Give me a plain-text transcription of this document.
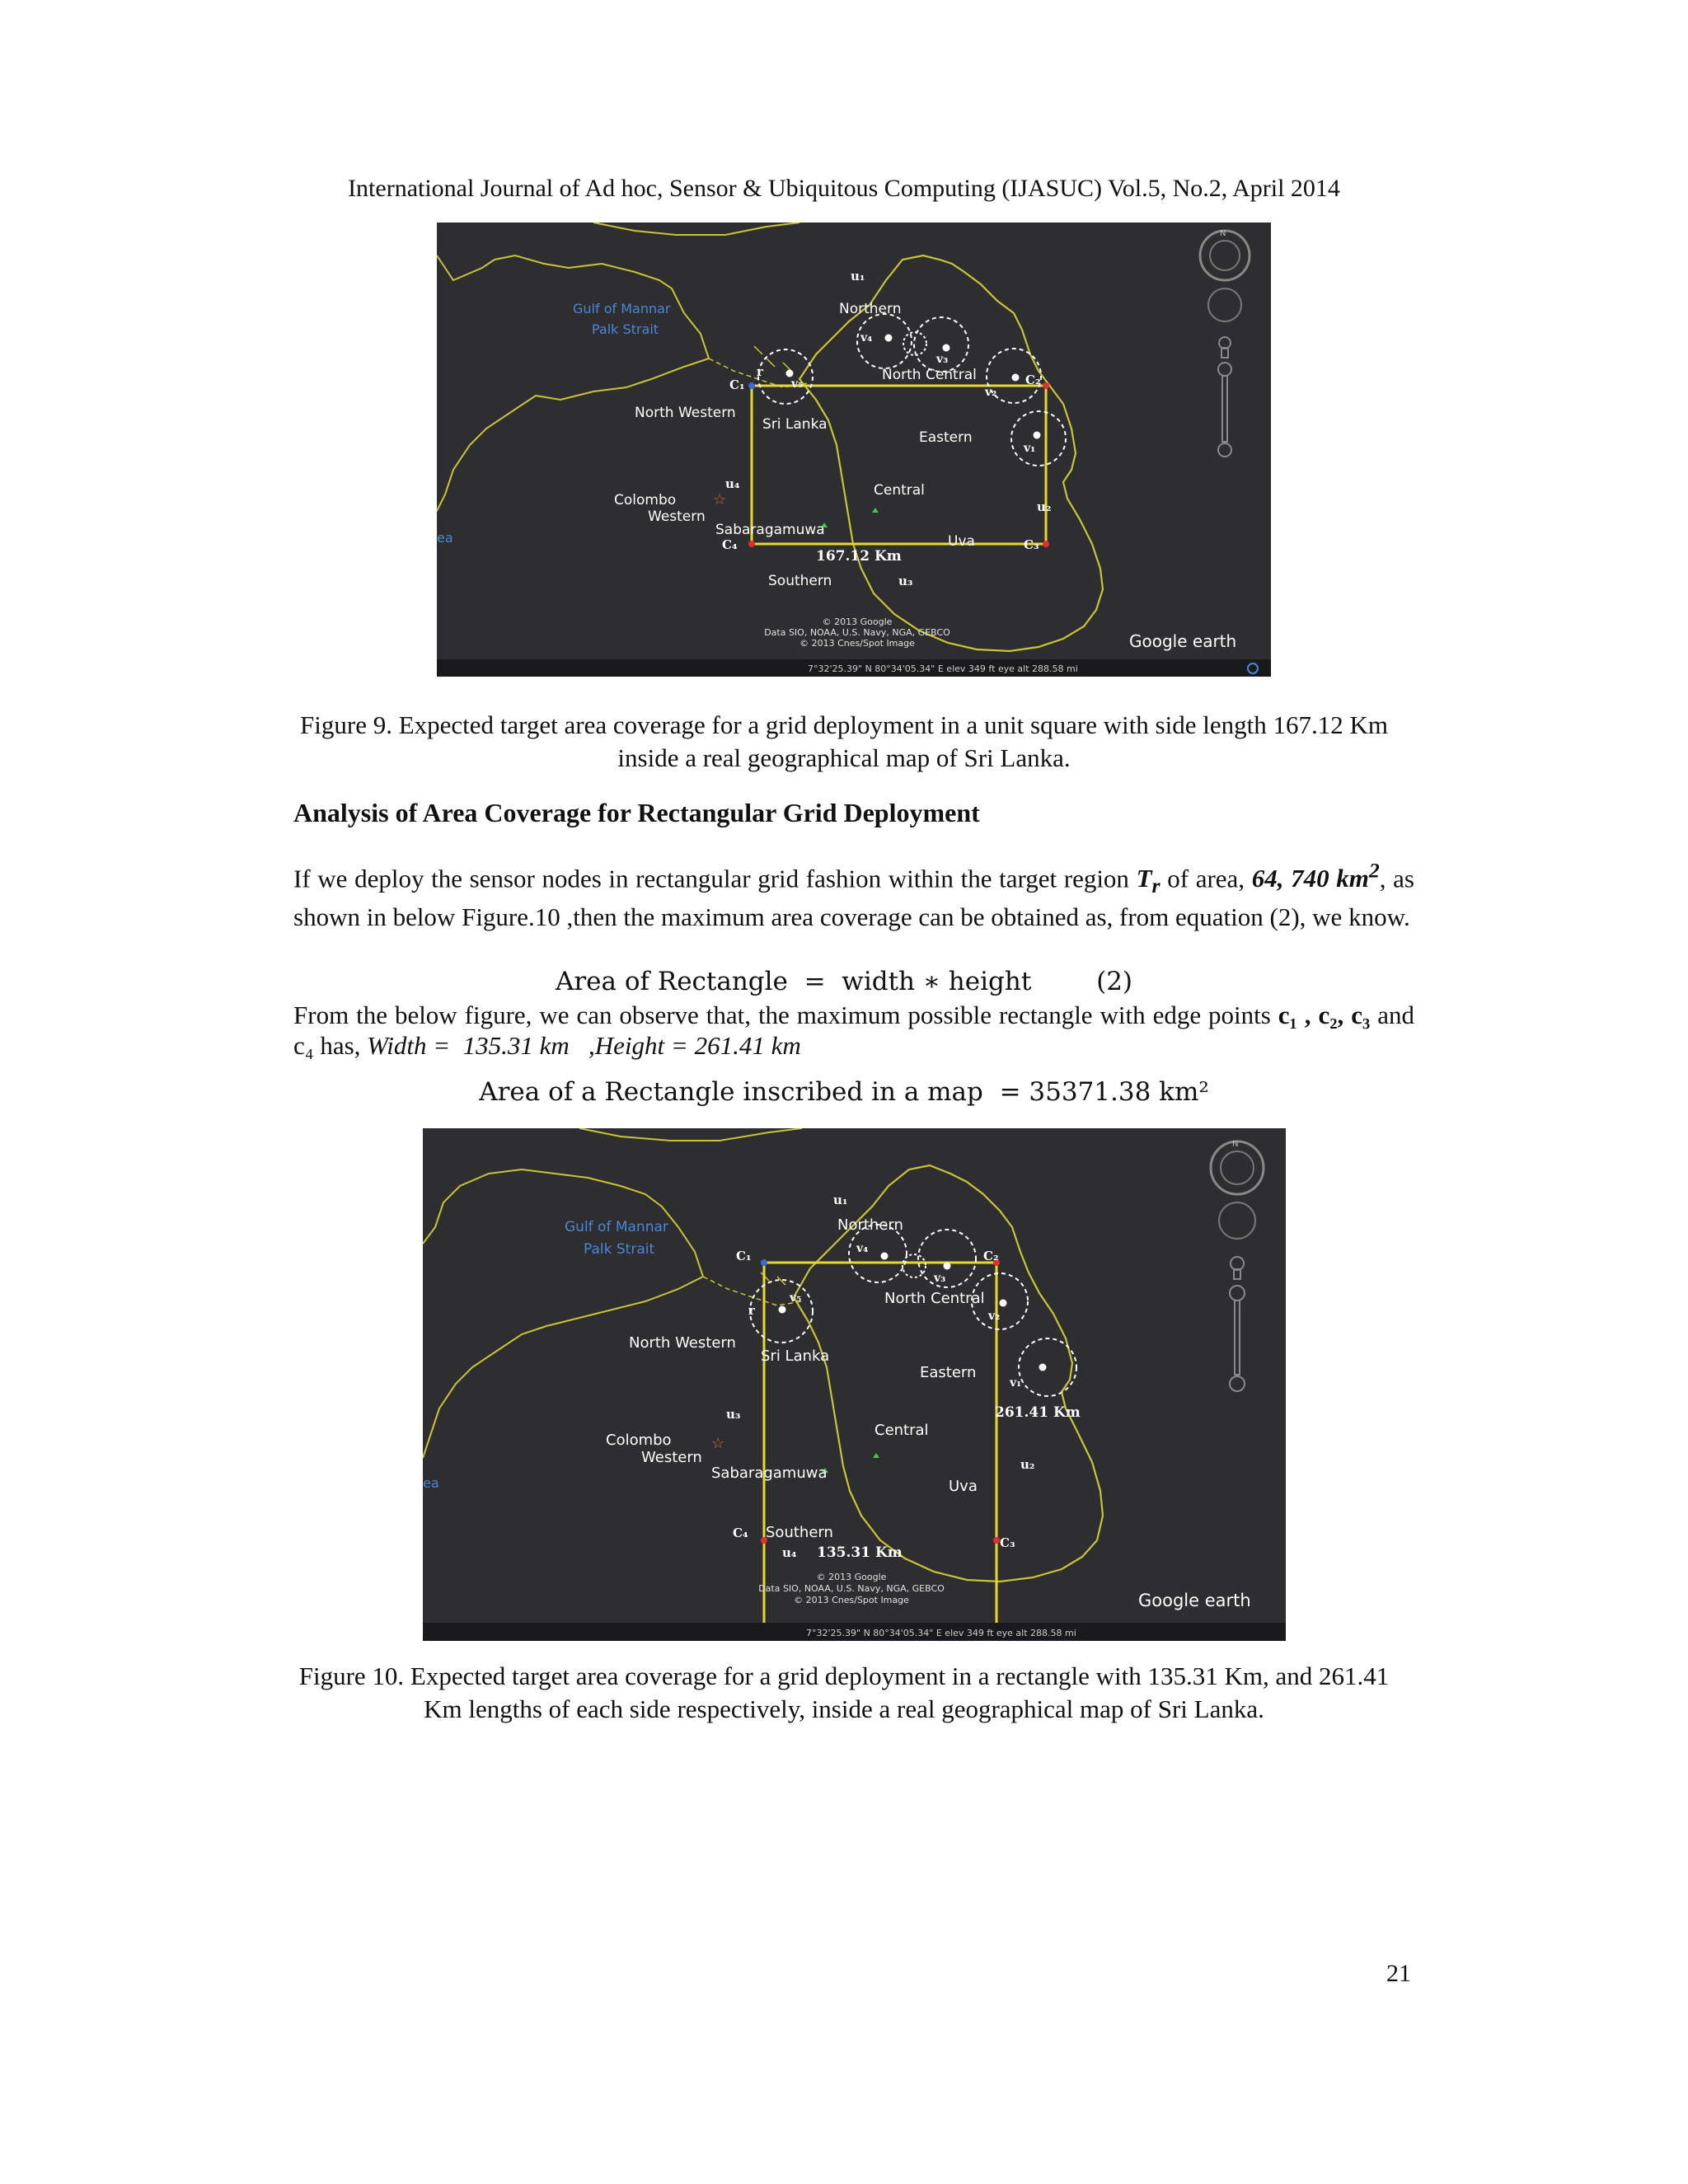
International Journal of Ad hoc, Sensor & Ubiquitous Computing (IJASUC) Vol.5, No.2, April 2014
☆
Gulf of Mannar
Palk Strait
Northern
North Central
North Western
Sri Lanka
Eastern
Central
Colombo
Western
Sabaragamuwa
Uva
Southern
ea
167.12 Km
u₁
u₂
u₃
u₄
v₁
v₂
v₃
v₄
v₅
r
C₁	C₂
C₃
C₄
© 2013 Google
Data SIO, NOAA, U.S. Navy, NGA, GEBCO
© 2013 Cnes/Spot Image	Google earth
N
7°32'25.39" N 80°34'05.34" E elev 349 ft eye alt 288.58 mi
Figure 9. Expected target area coverage for a grid deployment in a unit square with side length 167.12 Km inside a real geographical map of Sri Lanka.
Analysis of Area Coverage for Rectangular Grid Deployment
If we deploy the sensor nodes in rectangular grid fashion within the target region $T_r$ of area, 64, 740 $km^2$, as shown in below Figure.10 ,then the maximum area coverage can be obtained as, from equation (2), we know.
Area of Rectangle  =  width ∗ height        (2)
From the below figure, we can observe that, the maximum possible rectangle with edge points c₁ , c₂, c₃ and c₄ has, Width =  135.31 km   ,Height = 261.41 km
Area of a Rectangle inscribed in a map  = 35371.38 km²
☆
Gulf of Mannar
Palk Strait
Northern
North Central
North Western
Sri Lanka
Eastern
Central
Colombo
Western
Sabaragamuwa
Uva
Southern
ea
261.41 Km
135.31 Km
u₁
u₂
u₃
u₄
v₁
v₂
v₃
v₄
v₅
r
C₁	C₂
C₃
C₄
© 2013 Google
Data SIO, NOAA, U.S. Navy, NGA, GEBCO
© 2013 Cnes/Spot Image	Google earth
N
7°32'25.39" N 80°34'05.34" E elev 349 ft eye alt 288.58 mi
Figure 10. Expected target area coverage for a grid deployment in a rectangle with 135.31 Km, and 261.41 Km lengths of each side respectively, inside a real geographical map of Sri Lanka.
21
